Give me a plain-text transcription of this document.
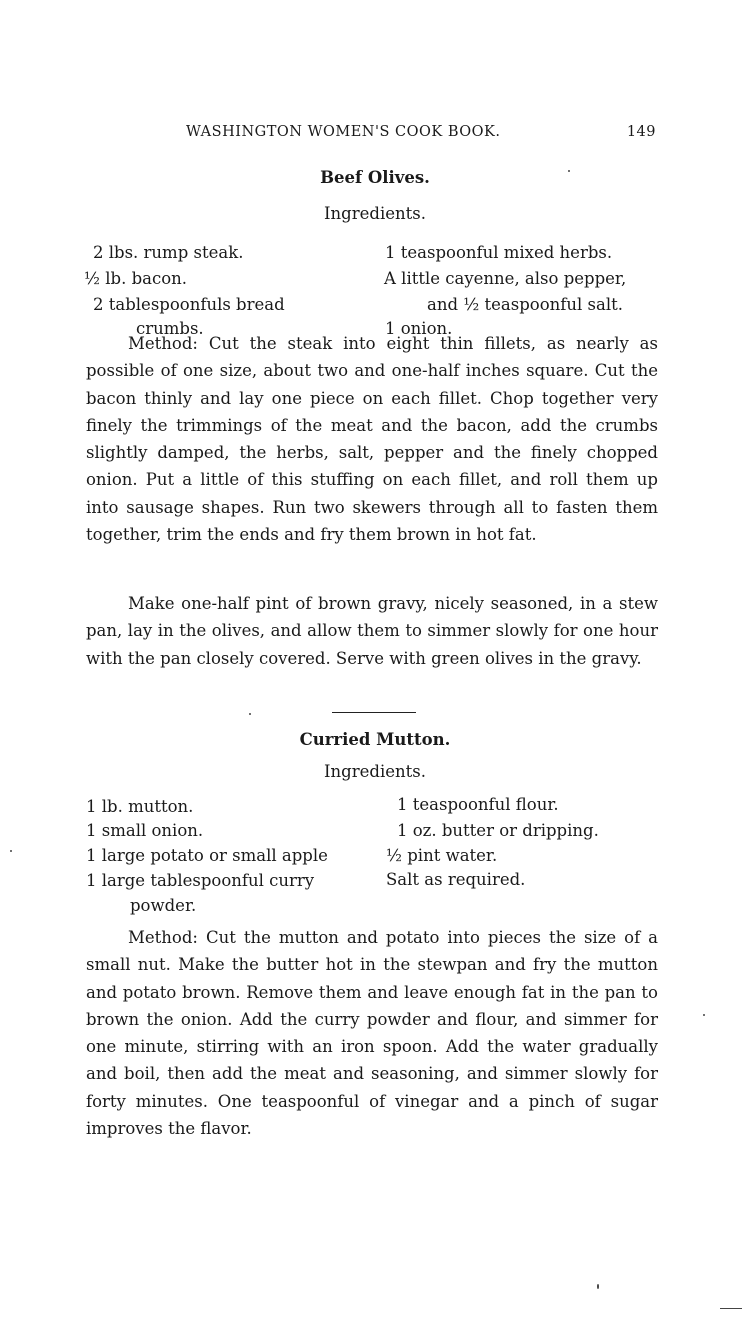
WASHINGTON WOMEN'S COOK BOOK.	149
Beef Olives.
Ingredients.
2 lbs. rump steak.
½ lb. bacon.
2 tablespoonfuls bread
crumbs.
1 teaspoonful mixed herbs.
A little cayenne, also pepper,
and ½ teaspoonful salt.
1 onion.

Method: Cut the steak into eight thin fillets, as nearly as possible of one size, about two and one-half inches square. Cut the bacon thinly and lay one piece on each fillet. Chop together very finely the trimmings of the meat and the bacon, add the crumbs slightly damped, the herbs, salt, pepper and the finely chopped onion. Put a little of this stuffing on each fillet, and roll them up into sausage shapes. Run two skewers through all to fasten them together, trim the ends and fry them brown in hot fat.

Make one-half pint of brown gravy, nicely seasoned, in a stew pan, lay in the olives, and allow them to simmer slowly for one hour with the pan closely covered. Serve with green olives in the gravy.

Curried Mutton.
Ingredients.
1 lb. mutton.
1 small onion.
1 large potato or small apple
1 large tablespoonful curry
powder.
1 teaspoonful flour.
1 oz. butter or dripping.
½ pint water.
Salt as required.

Method: Cut the mutton and potato into pieces the size of a small nut. Make the butter hot in the stewpan and fry the mutton and potato brown. Remove them and leave enough fat in the pan to brown the onion. Add the curry powder and flour, and simmer for one minute, stirring with an iron spoon. Add the water gradually and boil, then add the meat and seasoning, and simmer slowly for forty minutes. One teaspoonful of vinegar and a pinch of sugar improves the flavor.
